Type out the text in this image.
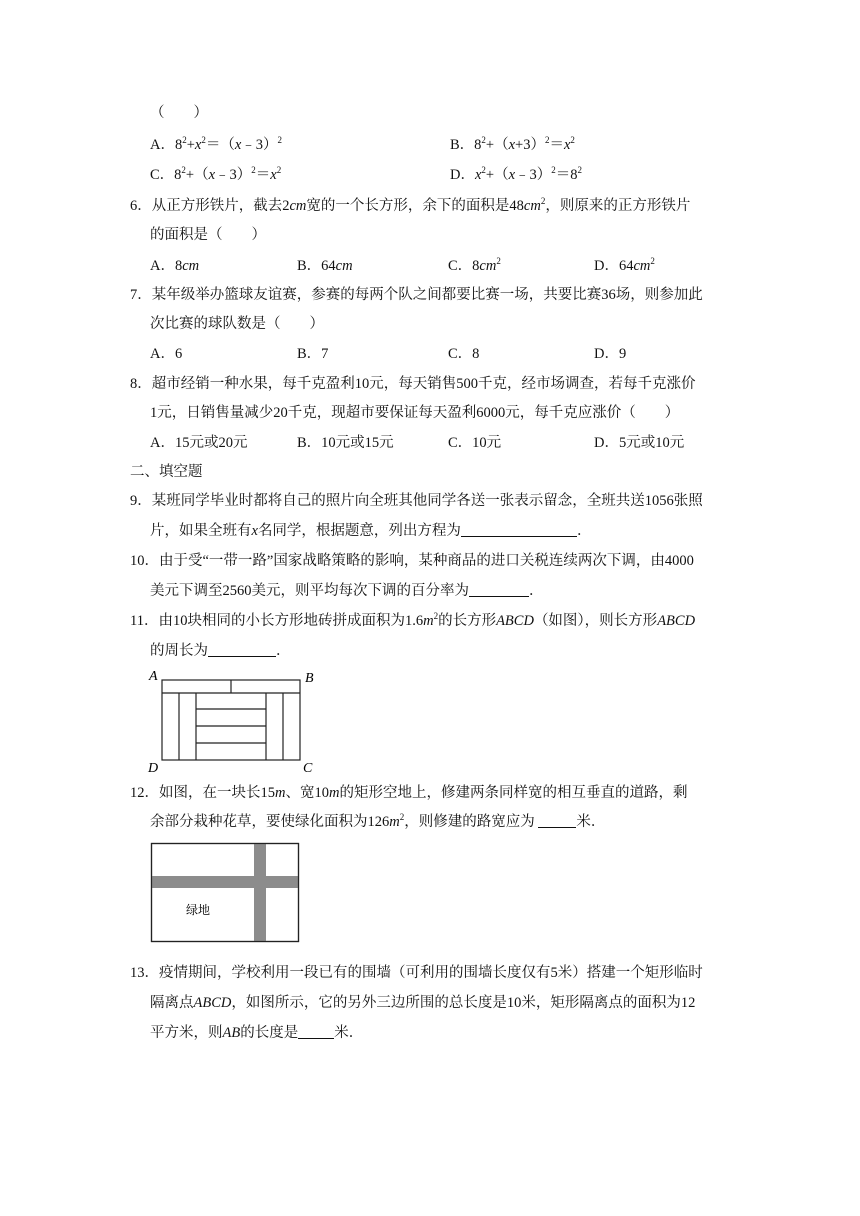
（　　）
A．$8^2+x^2=(x﹣3)^2$	B．$8^2+(x+3)^2=x^2$
C．$8^2+(x﹣3)^2=x^2$	D．$x^2+(x﹣3)^2=8^2$
6．从正方形铁片，截去2cm宽的一个长方形，余下的面积是$48cm^2$，则原来的正方形铁片
的面积是（　　）
A．8cm	B．64cm	C．$8cm^2$	D．$64cm^2$
7．某年级举办篮球友谊赛，参赛的每两个队之间都要比赛一场，共要比赛36场，则参加此
次比赛的球队数是（　　）
A．6	B．7	C．8	D．9
8．超市经销一种水果，每千克盈利10元，每天销售500千克，经市场调查，若每千克涨价
1元，日销售量减少20千克，现超市要保证每天盈利6000元，每千克应涨价（　　）
A．15元或20元	B．10元或15元	C．10元	D．5元或10元
二、填空题
9．某班同学毕业时都将自己的照片向全班其他同学各送一张表示留念，全班共送1056张照
片，如果全班有x名同学，根据题意，列出方程为	．
10．由于受“一带一路”国家战略策略的影响，某种商品的进口关税连续两次下调，由4000
美元下调至2560美元，则平均每次下调的百分率为	．
11．由10块相同的小长方形地砖拼成面积为$1.6m^2$的长方形ABCD（如图），则长方形ABCD
的周长为	．
A	B
D	C
12．如图，在一块长15m、宽10m的矩形空地上，修建两条同样宽的相互垂直的道路，剩
余部分栽种花草，要使绿化面积为$126m^2$，则修建的路宽应为	米．
绿地
13．疫情期间，学校利用一段已有的围墙（可利用的围墙长度仅有5米）搭建一个矩形临时
隔离点ABCD，如图所示，它的另外三边所围的总长度是10米，矩形隔离点的面积为12
平方米，则AB的长度是 米．
